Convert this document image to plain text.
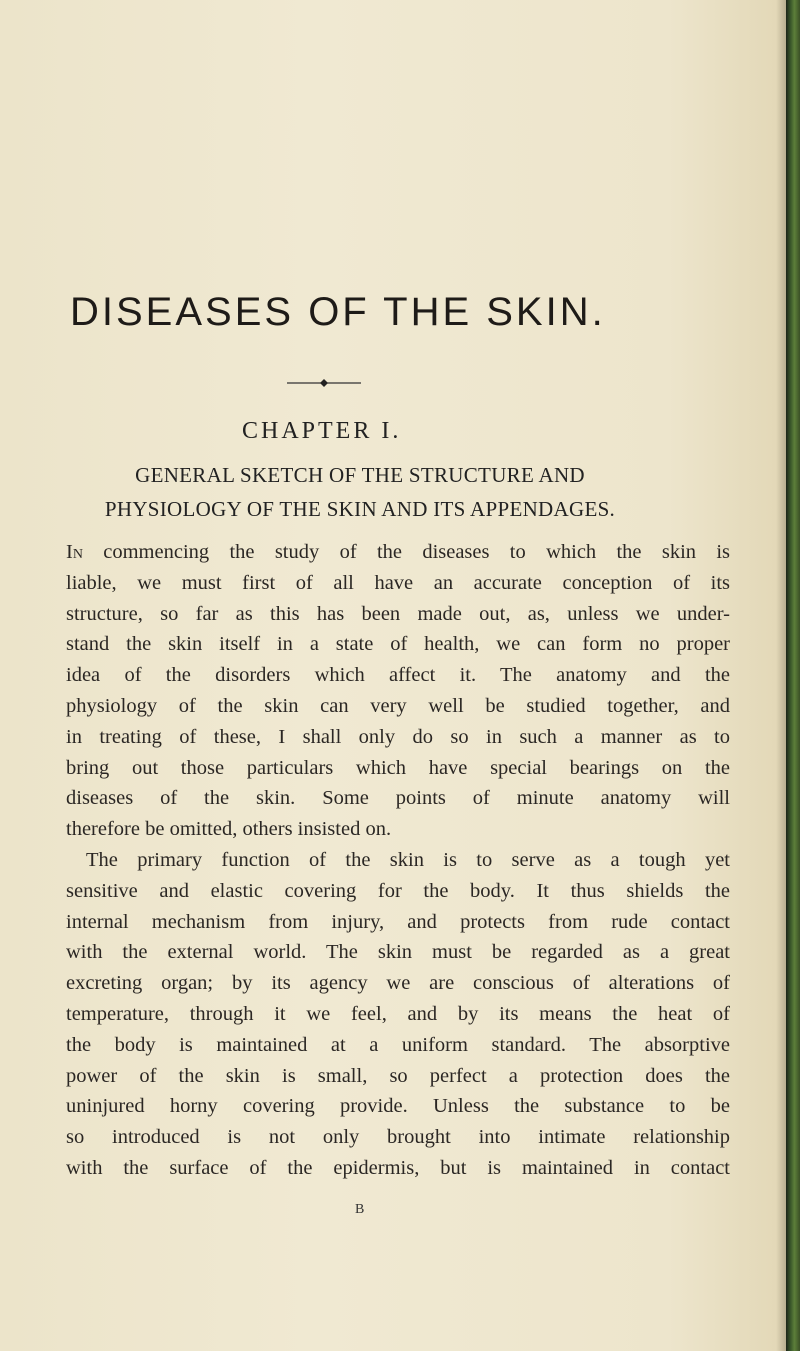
DISEASES OF THE SKIN.
CHAPTER I.
GENERAL SKETCH OF THE STRUCTURE AND
PHYSIOLOGY OF THE SKIN AND ITS APPENDAGES.

In commencing the study of the diseases to which the skin is
liable, we must first of all have an accurate conception of its
structure, so far as this has been made out, as, unless we under-
stand the skin itself in a state of health, we can form no proper
idea of the disorders which affect it. The anatomy and the
physiology of the skin can very well be studied together, and
in treating of these, I shall only do so in such a manner as to
bring out those particulars which have special bearings on the
diseases of the skin. Some points of minute anatomy will
therefore be omitted, others insisted on.

The primary function of the skin is to serve as a tough yet
sensitive and elastic covering for the body. It thus shields the
internal mechanism from injury, and protects from rude contact
with the external world. The skin must be regarded as a great
excreting organ; by its agency we are conscious of alterations of
temperature, through it we feel, and by its means the heat of
the body is maintained at a uniform standard. The absorptive
power of the skin is small, so perfect a protection does the
uninjured horny covering provide. Unless the substance to be
so introduced is not only brought into intimate relationship
with the surface of the epidermis, but is maintained in contact

B
